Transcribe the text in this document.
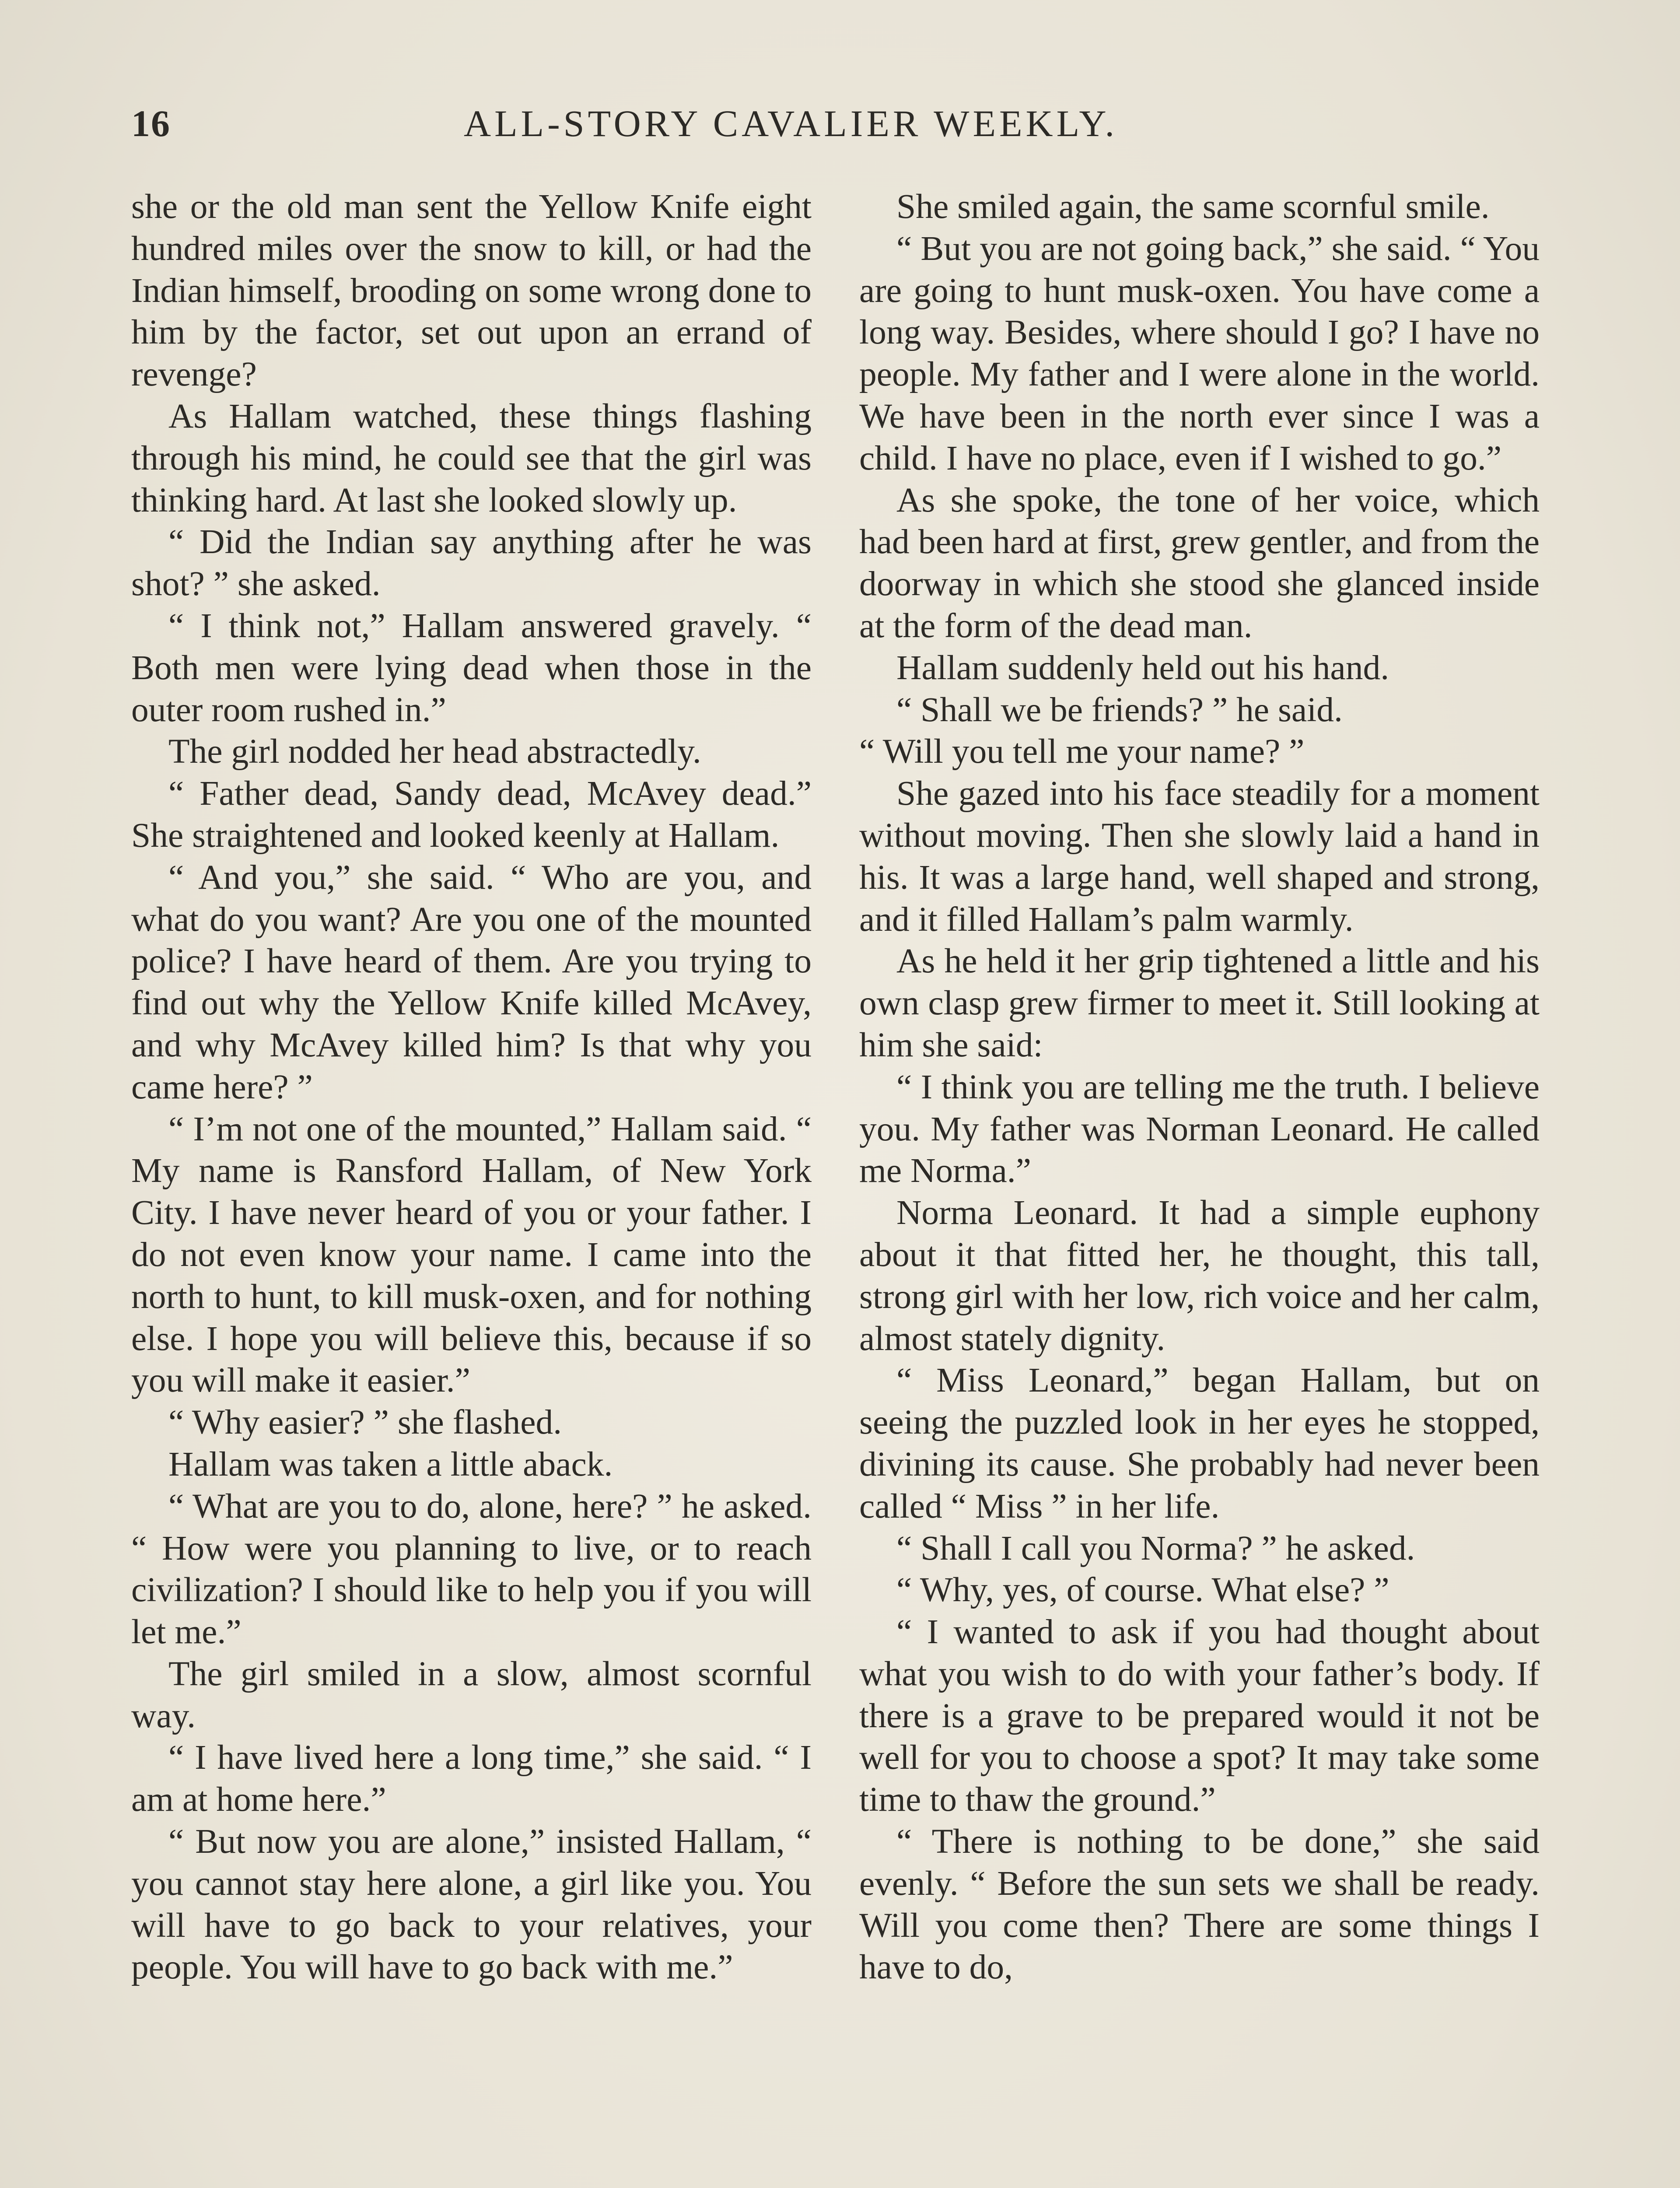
16	ALL-STORY CAVALIER WEEKLY.

she or the old man sent the Yellow Knife eight hundred miles over the snow to kill, or had the Indian himself, brooding on some wrong done to him by the factor, set out upon an errand of revenge?

As Hallam watched, these things flashing through his mind, he could see that the girl was thinking hard. At last she looked slowly up.

“ Did the Indian say anything after he was shot? ” she asked.

“ I think not,” Hallam answered gravely. “ Both men were lying dead when those in the outer room rushed in.”

The girl nodded her head abstractedly.

“ Father dead, Sandy dead, McAvey dead.” She straightened and looked keenly at Hallam.

“ And you,” she said. “ Who are you, and what do you want? Are you one of the mounted police? I have heard of them. Are you trying to find out why the Yellow Knife killed McAvey, and why McAvey killed him? Is that why you came here? ”

“ I’m not one of the mounted,” Hallam said. “ My name is Ransford Hallam, of New York City. I have never heard of you or your father. I do not even know your name. I came into the north to hunt, to kill musk-oxen, and for nothing else. I hope you will believe this, because if so you will make it easier.”

“ Why easier? ” she flashed.

Hallam was taken a little aback.

“ What are you to do, alone, here? ” he asked. “ How were you planning to live, or to reach civilization? I should like to help you if you will let me.”

The girl smiled in a slow, almost scornful way.

“ I have lived here a long time,” she said. “ I am at home here.”

“ But now you are alone,” insisted Hallam, “ you cannot stay here alone, a girl like you. You will have to go back to your relatives, your people. You will have to go back with me.”

She smiled again, the same scornful smile.

“ But you are not going back,” she said. “ You are going to hunt musk-oxen. You have come a long way. Besides, where should I go? I have no people. My father and I were alone in the world. We have been in the north ever since I was a child. I have no place, even if I wished to go.”

As she spoke, the tone of her voice, which had been hard at first, grew gentler, and from the doorway in which she stood she glanced inside at the form of the dead man.

Hallam suddenly held out his hand.

“ Shall we be friends? ” he said.

“ Will you tell me your name? ”

She gazed into his face steadily for a moment without moving. Then she slowly laid a hand in his. It was a large hand, well shaped and strong, and it filled Hallam’s palm warmly.

As he held it her grip tightened a little and his own clasp grew firmer to meet it. Still looking at him she said:

“ I think you are telling me the truth. I believe you. My father was Norman Leonard. He called me Norma.”

Norma Leonard. It had a simple euphony about it that fitted her, he thought, this tall, strong girl with her low, rich voice and her calm, almost stately dignity.

“ Miss Leonard,” began Hallam, but on seeing the puzzled look in her eyes he stopped, divining its cause. She probably had never been called “ Miss ” in her life.

“ Shall I call you Norma? ” he asked.

“ Why, yes, of course. What else? ”

“ I wanted to ask if you had thought about what you wish to do with your father’s body. If there is a grave to be prepared would it not be well for you to choose a spot? It may take some time to thaw the ground.”

“ There is nothing to be done,” she said evenly. “ Before the sun sets we shall be ready. Will you come then? There are some things I have to do,
